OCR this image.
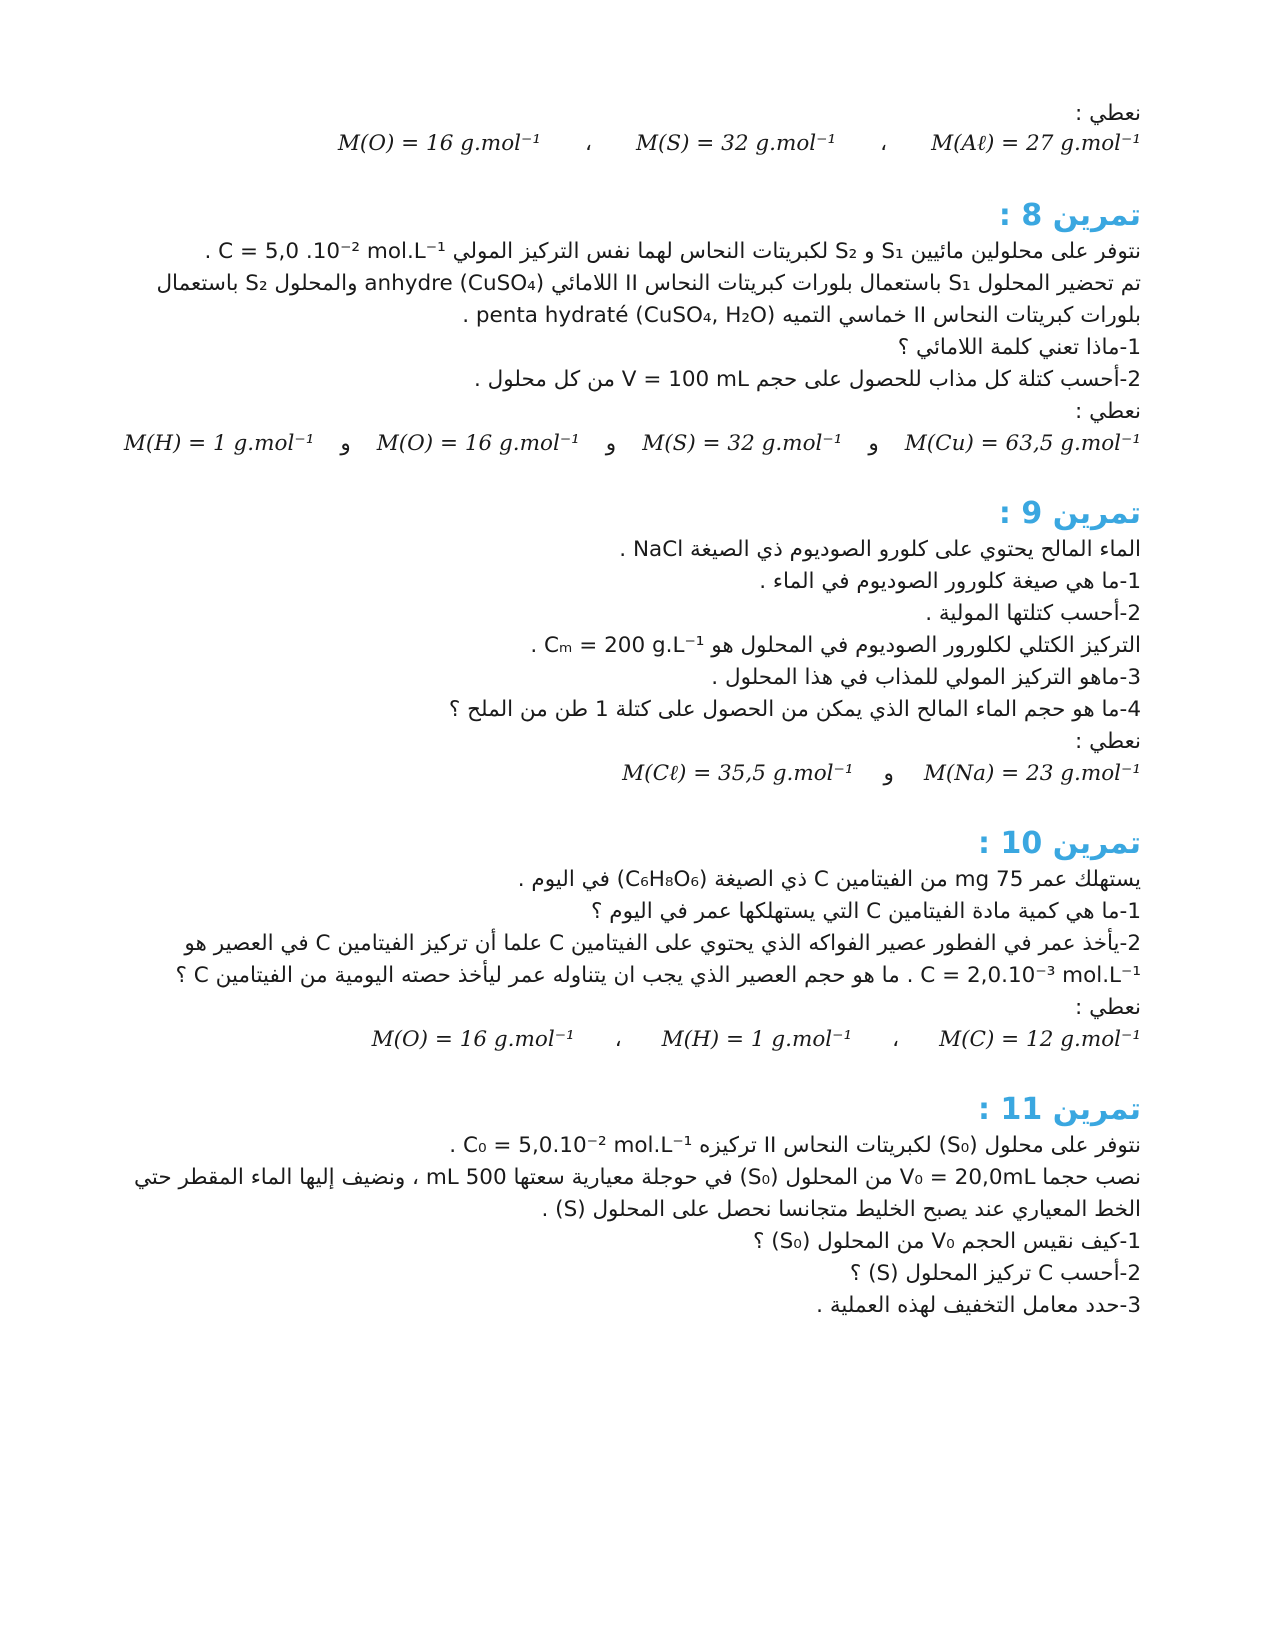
نعطي :
M(O) = 16 g.mol⁻¹ ، M(S) = 32 g.mol⁻¹ ، M(Aℓ) = 27 g.mol⁻¹
تمرين 8 :
نتوفر على محلولين مائيين S₁ و S₂ لكبريتات النحاس لهما نفس التركيز المولي C = 5,0 .10⁻² mol.L⁻¹ .
تم تحضير المحلول S₁ باستعمال بلورات كبريتات النحاس II اللامائي anhydre (CuSO₄) والمحلول S₂ باستعمال
بلورات كبريتات النحاس II خماسي التميه penta hydraté (CuSO₄, H₂O) .
1-ماذا تعني كلمة اللامائي ؟
2-أحسب كتلة كل مذاب للحصول على حجم V = 100 mL من كل محلول .
نعطي :
M(H) = 1 g.mol⁻¹ و M(O) = 16 g.mol⁻¹ و M(S) = 32 g.mol⁻¹ و M(Cu) = 63,5 g.mol⁻¹
تمرين 9 :
الماء المالح يحتوي على كلورو الصوديوم ذي الصيغة NaCl .
1-ما هي صيغة كلورور الصوديوم في الماء .
2-أحسب كتلتها المولية .
التركيز الكتلي لكلورور الصوديوم في المحلول هو Cₘ = 200 g.L⁻¹ .
3-ماهو التركيز المولي للمذاب في هذا المحلول .
4-ما هو حجم الماء المالح الذي يمكن من الحصول على كتلة 1 طن من الملح ؟
نعطي :
M(Cℓ) = 35,5 g.mol⁻¹ و M(Na) = 23 g.mol⁻¹
تمرين 10 :
يستهلك عمر 75 mg من الفيتامين C ذي الصيغة (C₆H₈O₆) في اليوم .
1-ما هي كمية مادة الفيتامين C التي يستهلكها عمر في اليوم ؟
2-يأخذ عمر في الفطور عصير الفواكه الذي يحتوي على الفيتامين C علما أن تركيز الفيتامين C في العصير هو
C = 2,0.10⁻³ mol.L⁻¹ . ما هو حجم العصير الذي يجب ان يتناوله عمر ليأخذ حصته اليومية من الفيتامين C ؟
نعطي :
M(O) = 16 g.mol⁻¹ ، M(H) = 1 g.mol⁻¹ ، M(C) = 12 g.mol⁻¹
تمرين 11 :
نتوفر على محلول (S₀) لكبريتات النحاس II تركيزه C₀ = 5,0.10⁻² mol.L⁻¹ .
نصب حجما V₀ = 20,0mL من المحلول (S₀) في حوجلة معيارية سعتها 500 mL ، ونضيف إليها الماء المقطر حتي
الخط المعياري عند يصبح الخليط متجانسا نحصل على المحلول (S) .
1-كيف نقيس الحجم V₀ من المحلول (S₀) ؟
2-أحسب C تركيز المحلول (S) ؟
3-حدد معامل التخفيف لهذه العملية .
